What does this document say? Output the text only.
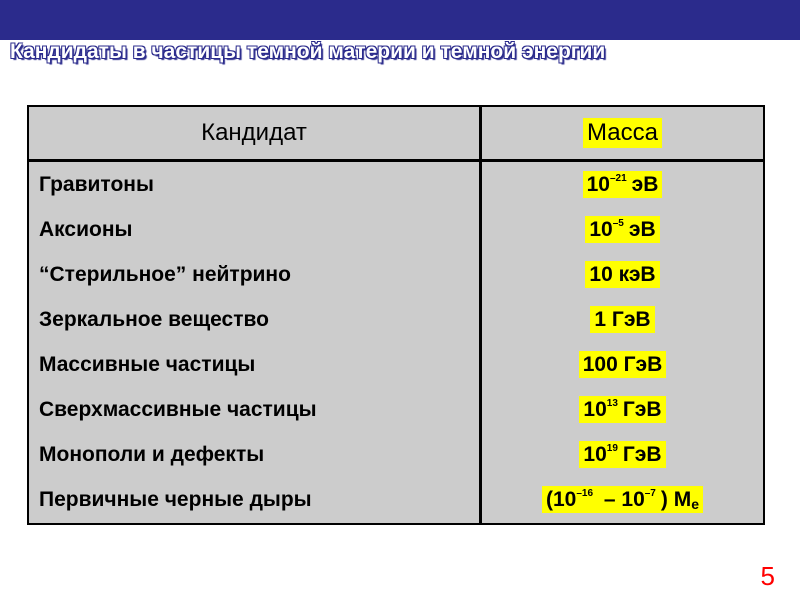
Кандидаты в частицы темной материи и темной энергии
Кандидат	Масса
Гравитоны	$10^{-21}$ эВ
Аксионы	$10^{-5}$ эВ
“Стерильное” нейтрино	10 кэВ
Зеркальное вещество	1 ГэВ
Массивные частицы	100 ГэВ
Сверхмассивные частицы	$10^{13}$ ГэВ
Монополи и дефекты	$10^{19}$ ГэВ
Первичные черные дыры	($10^{-16} - 10^{-7}$ ) $M_e$
5
